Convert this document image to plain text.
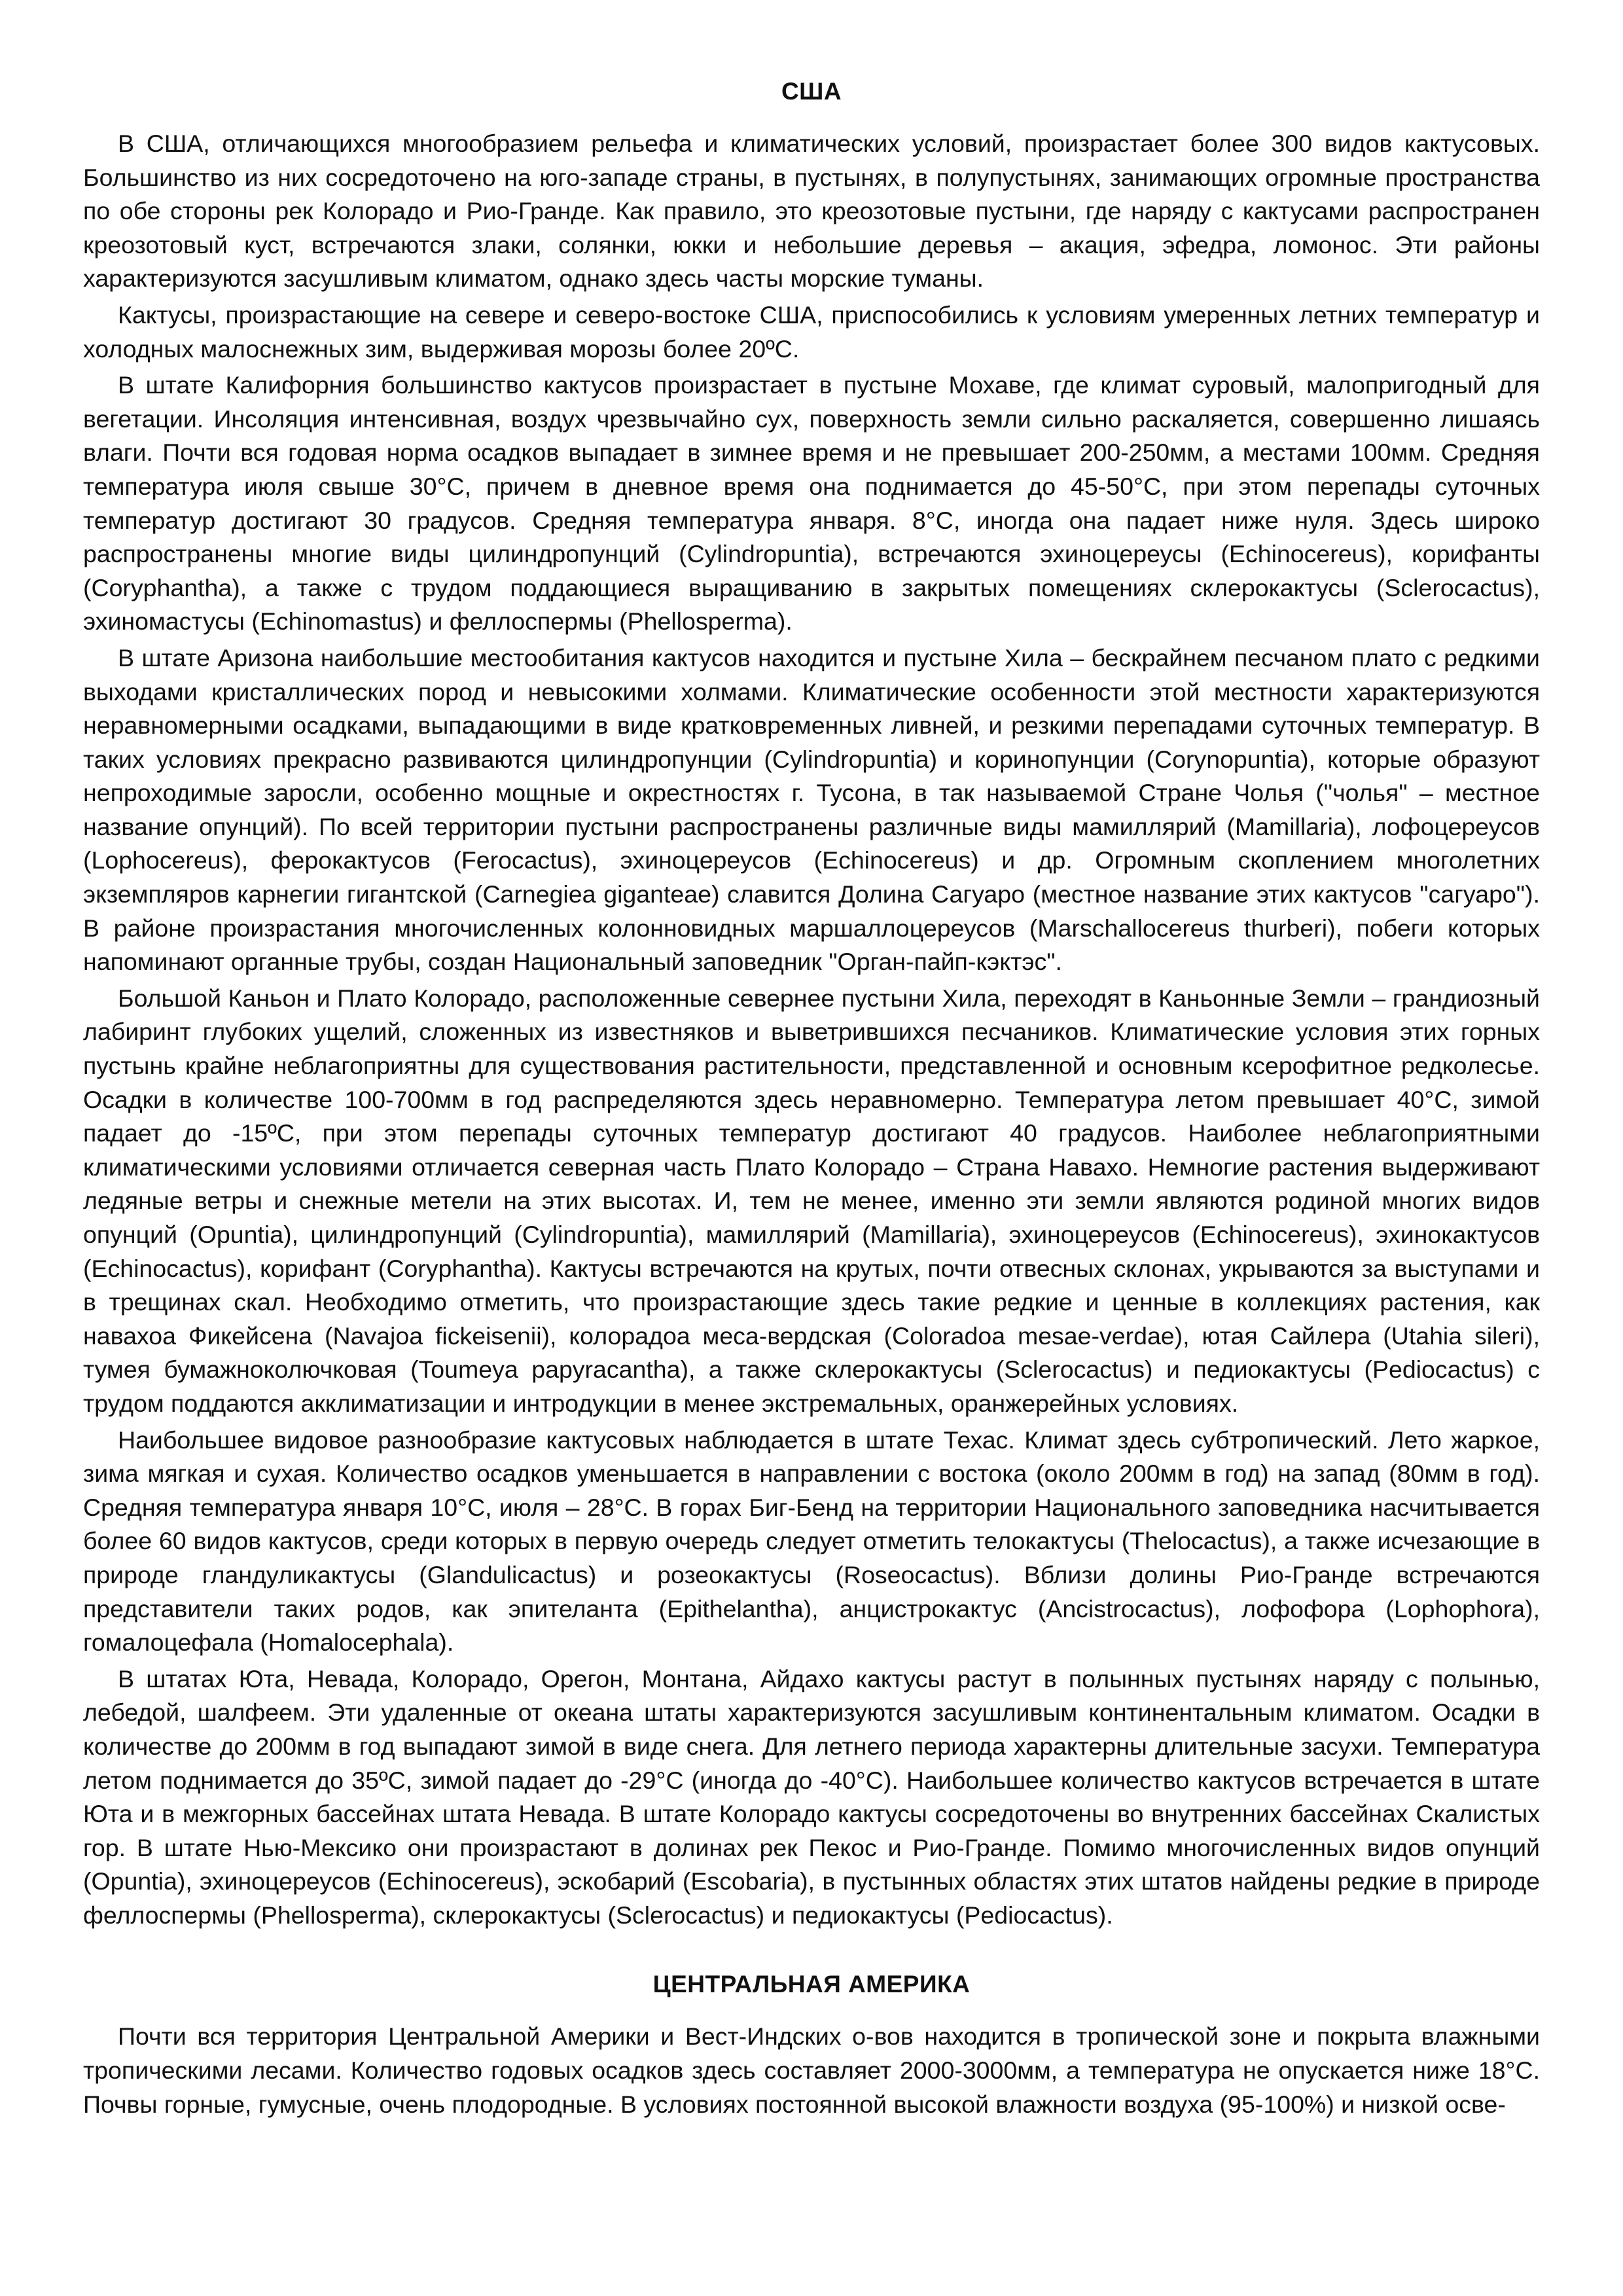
США

В США, отличающихся многообразием рельефа и климатических условий, произрастает более 300 видов кактусовых. Большинство из них сосредоточено на юго-западе страны, в пустынях, в полупустынях, занимающих огромные пространства по обе стороны рек Колорадо и Рио-Гранде. Как правило, это креозотовые пустыни, где наряду с кактусами распространен креозотовый куст, встречаются злаки, солянки, юкки и небольшие деревья – акация, эфедра, ломонос. Эти районы характеризуются засушливым климатом, однако здесь часты морские туманы.

Кактусы, произрастающие на севере и северо-востоке США, приспособились к условиям умеренных летних температур и холодных малоснежных зим, выдерживая морозы более 20ºС.

В штате Калифорния большинство кактусов произрастает в пустыне Мохаве, где климат суровый, малопригодный для вегетации. Инсоляция интенсивная, воздух чрезвычайно сух, поверхность земли сильно раскаляется, совершенно лишаясь влаги. Почти вся годовая норма осадков выпадает в зимнее время и не превышает 200-250мм, а местами 100мм. Средняя температура июля свыше 30°С, причем в дневное время она поднимается до 45-50°С, при этом перепады суточных температур достигают 30 градусов. Средняя температура января. 8°С, иногда она падает ниже нуля. Здесь широко распространены многие виды цилиндропунций (Cylindropuntia), встречаются эхиноцереусы (Echinocereus), корифанты (Coryphantha), а также с трудом поддающиеся выращиванию в закрытых помещениях склерокактусы (Sclerocactus), эхиномастусы (Echinomastus) и феллоспермы (Phellosperma).

В штате Аризона наибольшие местообитания кактусов находится и пустыне Хила – бескрайнем песчаном плато с редкими выходами кристаллических пород и невысокими холмами. Климатические особенности этой местности характеризуются неравномерными осадками, выпадающими в виде кратковременных ливней, и резкими перепадами суточных температур. В таких условиях прекрасно развиваются цилиндропунции (Cylindropuntia) и коринопунции (Corynopuntia), которые образуют непроходимые заросли, особенно мощные и окрестностях г. Тусона, в так называемой Стране Чолья ("чолья" – местное название опунций). По всей территории пустыни распространены различные виды мамиллярий (Mamillaria), лофоцереусов (Lophocereus), ферокактусов (Ferocactus), эхиноцереусов (Echinocereus) и др. Огромным скоплением многолетних экземпляров карнегии гигантской (Carnegiea giganteae) славится Долина Сагуаро (местное название этих кактусов "сагуаро"). В районе произрастания многочисленных колонновидных маршаллоцереусов (Marschallocereus thurberi), побеги которых напоминают органные трубы, создан Национальный заповедник "Орган-пайп-кэктэс".

Большой Каньон и Плато Колорадо, расположенные севернее пустыни Хила, переходят в Каньонные Земли – грандиозный лабиринт глубоких ущелий, сложенных из известняков и выветрившихся песчаников. Климатические условия этих горных пустынь крайне неблагоприятны для существования растительности, представленной и основным ксерофитное редколесье. Осадки в количестве 100-700мм в год распределяются здесь неравномерно. Температура летом превышает 40°С, зимой падает до -15ºС, при этом перепады суточных температур достигают 40 градусов. Наиболее неблагоприятными климатическими условиями отличается северная часть Плато Колорадо – Страна Навахо. Немногие растения выдерживают ледяные ветры и снежные метели на этих высотах. И, тем не менее, именно эти земли являются родиной многих видов опунций (Opuntia), цилиндропунций (Cylindropuntia), мамиллярий (Mamillaria), эхиноцереусов (Echinocereus), эхинокактусов (Echinocactus), корифант (Coryphantha). Кактусы встречаются на крутых, почти отвесных склонах, укрываются за выступами и в трещинах скал. Необходимо отметить, что произрастающие здесь такие редкие и ценные в коллекциях растения, как навахоа Фикейсена (Navajoa fickeisenii), колорадоа меса-вердская (Coloradoa mesae-verdae), ютая Сайлера (Utahia sileri), тумея бумажноколючковая (Toumeya papyracantha), а также склерокактусы (Sclerocactus) и педиокактусы (Pediocactus) с трудом поддаются акклиматизации и интродукции в менее экстремальных, оранжерейных условиях.

Наибольшее видовое разнообразие кактусовых наблюдается в штате Техас. Климат здесь субтропический. Лето жаркое, зима мягкая и сухая. Количество осадков уменьшается в направлении с востока (около 200мм в год) на запад (80мм в год). Средняя температура января 10°С, июля – 28°С. В горах Биг-Бенд на территории Национального заповедника насчитывается более 60 видов кактусов, среди которых в первую очередь следует отметить телокактусы (Thelocactus), а также исчезающие в природе гландуликактусы (Glandulicactus) и розеокактусы (Roseocactus). Вблизи долины Рио-Гранде встречаются представители таких родов, как эпителанта (Epithelantha), анцистрокактус (Ancistrocactus), лофофора (Lophophora), гомалоцефала (Homalocephala).

В штатах Юта, Невада, Колорадо, Орегон, Монтана, Айдахо кактусы растут в полынных пустынях наряду с полынью, лебедой, шалфеем. Эти удаленные от океана штаты характеризуются засушливым континентальным климатом. Осадки в количестве до 200мм в год выпадают зимой в виде снега. Для летнего периода характерны длительные засухи. Температура летом поднимается до 35ºС, зимой падает до -29°С (иногда до -40°С). Наибольшее количество кактусов встречается в штате Юта и в межгорных бассейнах штата Невада. В штате Колорадо кактусы сосредоточены во внутренних бассейнах Скалистых гор. В штате Нью-Мексико они произрастают в долинах рек Пекос и Рио-Гранде. Помимо многочисленных видов опунций (Opuntia), эхиноцереусов (Echinocereus), эскобарий (Escobaria), в пустынных областях этих штатов найдены редкие в природе феллоспермы (Phellosperma), склерокактусы (Sclerocactus) и педиокактусы (Pediocactus).

ЦЕНТРАЛЬНАЯ АМЕРИКА

Почти вся территория Центральной Америки и Вест-Индских о-вов находится в тропической зоне и покрыта влажными тропическими лесами. Количество годовых осадков здесь составляет 2000-3000мм, а температура не опускается ниже 18°С. Почвы горные, гумусные, очень плодородные. В условиях постоянной высокой влажности воздуха (95-100%) и низкой осве-
